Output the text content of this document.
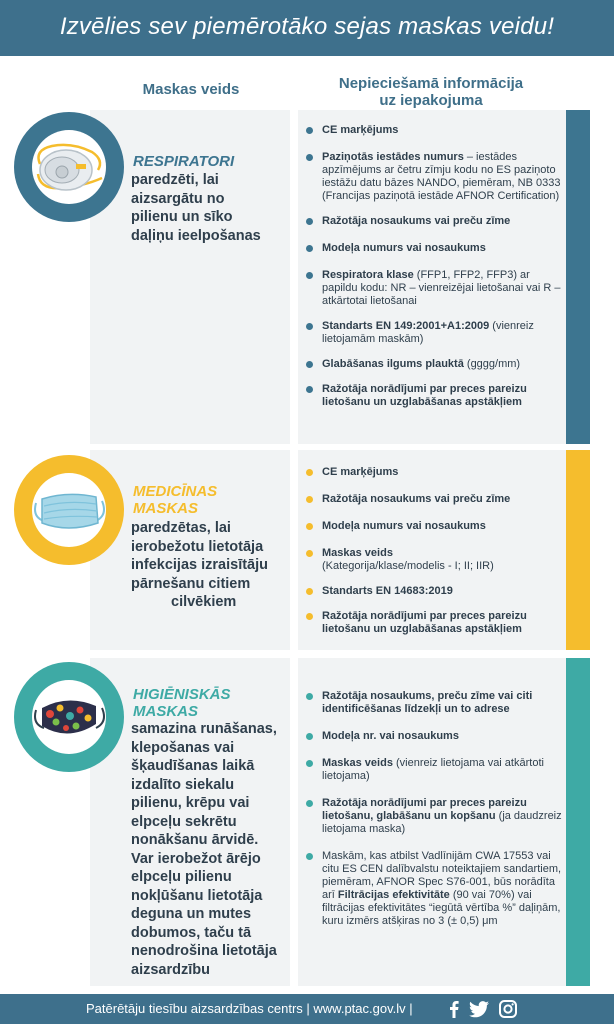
Izvēlies sev piemērotāko sejas maskas veidu!
Maskas veids	Nepieciešamā informācija
uz iepakojuma
RESPIRATORI
paredzēti, lai
aizsargātu no
pilienu un sīko
daļiņu ieelpošanas
CE marķējums
Paziņotās iestādes numurs – iestādes apzīmējums ar četru zīmju kodu no ES paziņoto iestāžu datu bāzes NANDO, piemēram, NB 0333 (Francijas paziņotā iestāde AFNOR Certification)
Ražotāja nosaukums vai preču zīme
Modeļa numurs vai nosaukums
Respiratora klase (FFP1, FFP2, FFP3) ar papildu kodu: NR – vienreizējai lietošanai vai R – atkārtotai lietošanai
Standarts EN 149:2001+A1:2009 (vienreiz lietojamām maskām)
Glabāšanas ilgums plauktā (gggg/mm)
Ražotāja norādījumi par preces pareizu lietošanu un uzglabāšanas apstākļiem
MEDICĪNAS MASKAS
paredzētas, lai
ierobežotu lietotāja
infekcijas izraisītāju
pārnešanu citiem
cilvēkiem
CE marķējums
Ražotāja nosaukums vai preču zīme
Modeļa numurs vai nosaukums
Maskas veids
(Kategorija/klase/modelis - I; II; IIR)
Standarts EN 14683:2019
Ražotāja norādījumi par preces pareizu lietošanu un uzglabāšanas apstākļiem
HIGIĒNISKĀS MASKAS
samazina runāšanas,
klepošanas vai
šķaudīšanas laikā
izdalīto siekalu
pilienu, krēpu vai
elpceļu sekrētu
nonākšanu ārvidē.
Var ierobežot ārējo
elpceļu pilienu
nokļūšanu lietotāja
deguna un mutes
dobumos, taču tā
nenodrošina lietotāja
aizsardzību
Ražotāja nosaukums, preču zīme vai citi identificēšanas līdzekļi un to adrese
Modeļa nr. vai nosaukums
Maskas veids (vienreiz lietojama vai atkārtoti lietojama)
Ražotāja norādījumi par preces pareizu lietošanu, glabāšanu un kopšanu (ja daudzreiz lietojama maska)
Maskām, kas atbilst Vadlīnijām CWA 17553 vai citu ES CEN dalībvalstu noteiktajiem sandartiem, piemēram, AFNOR Spec S76-001, būs norādīta arī Filtrācijas efektivitāte (90 vai 70%) vai filtrācijas efektivitātes “iegūtā vērtība %” daļiņām, kuru izmērs atšķiras no 3 (± 0,5) μm
Patērētāju tiesību aizsardzības centrs | www.ptac.gov.lv |
